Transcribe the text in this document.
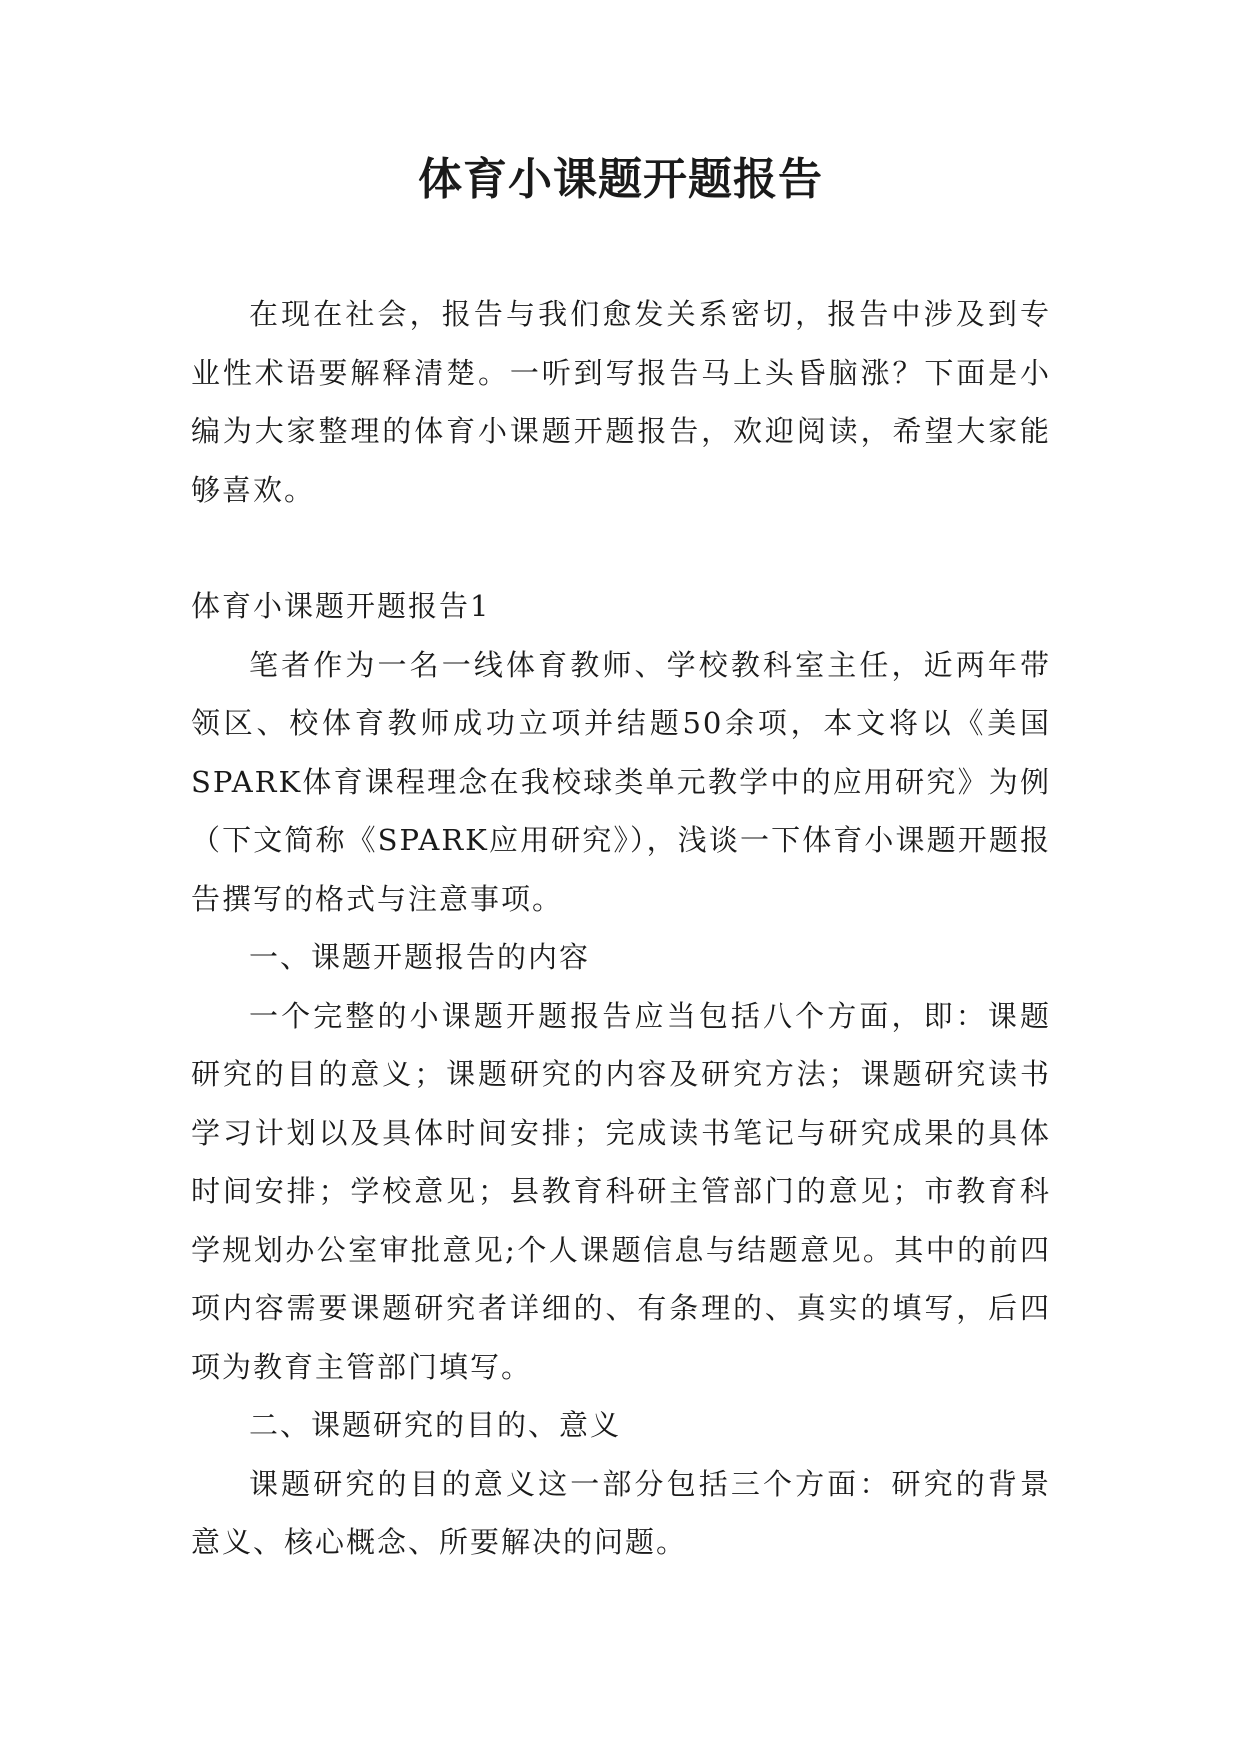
体育小课题开题报告

在现在社会，报告与我们愈发关系密切，报告中涉及到专业性术语要解释清楚。一听到写报告马上头昏脑涨？下面是小编为大家整理的体育小课题开题报告，欢迎阅读，希望大家能够喜欢。

体育小课题开题报告1

笔者作为一名一线体育教师、学校教科室主任，近两年带领区、校体育教师成功立项并结题50余项，本文将以《美国SPARK体育课程理念在我校球类单元教学中的应用研究》为例（下文简称《SPARK应用研究》），浅谈一下体育小课题开题报告撰写的格式与注意事项。

一、课题开题报告的内容

一个完整的小课题开题报告应当包括八个方面，即：课题研究的目的意义；课题研究的内容及研究方法；课题研究读书学习计划以及具体时间安排；完成读书笔记与研究成果的具体时间安排；学校意见；县教育科研主管部门的意见；市教育科学规划办公室审批意见;个人课题信息与结题意见。其中的前四项内容需要课题研究者详细的、有条理的、真实的填写，后四项为教育主管部门填写。

二、课题研究的目的、意义

课题研究的目的意义这一部分包括三个方面：研究的背景意义、核心概念、所要解决的问题。
